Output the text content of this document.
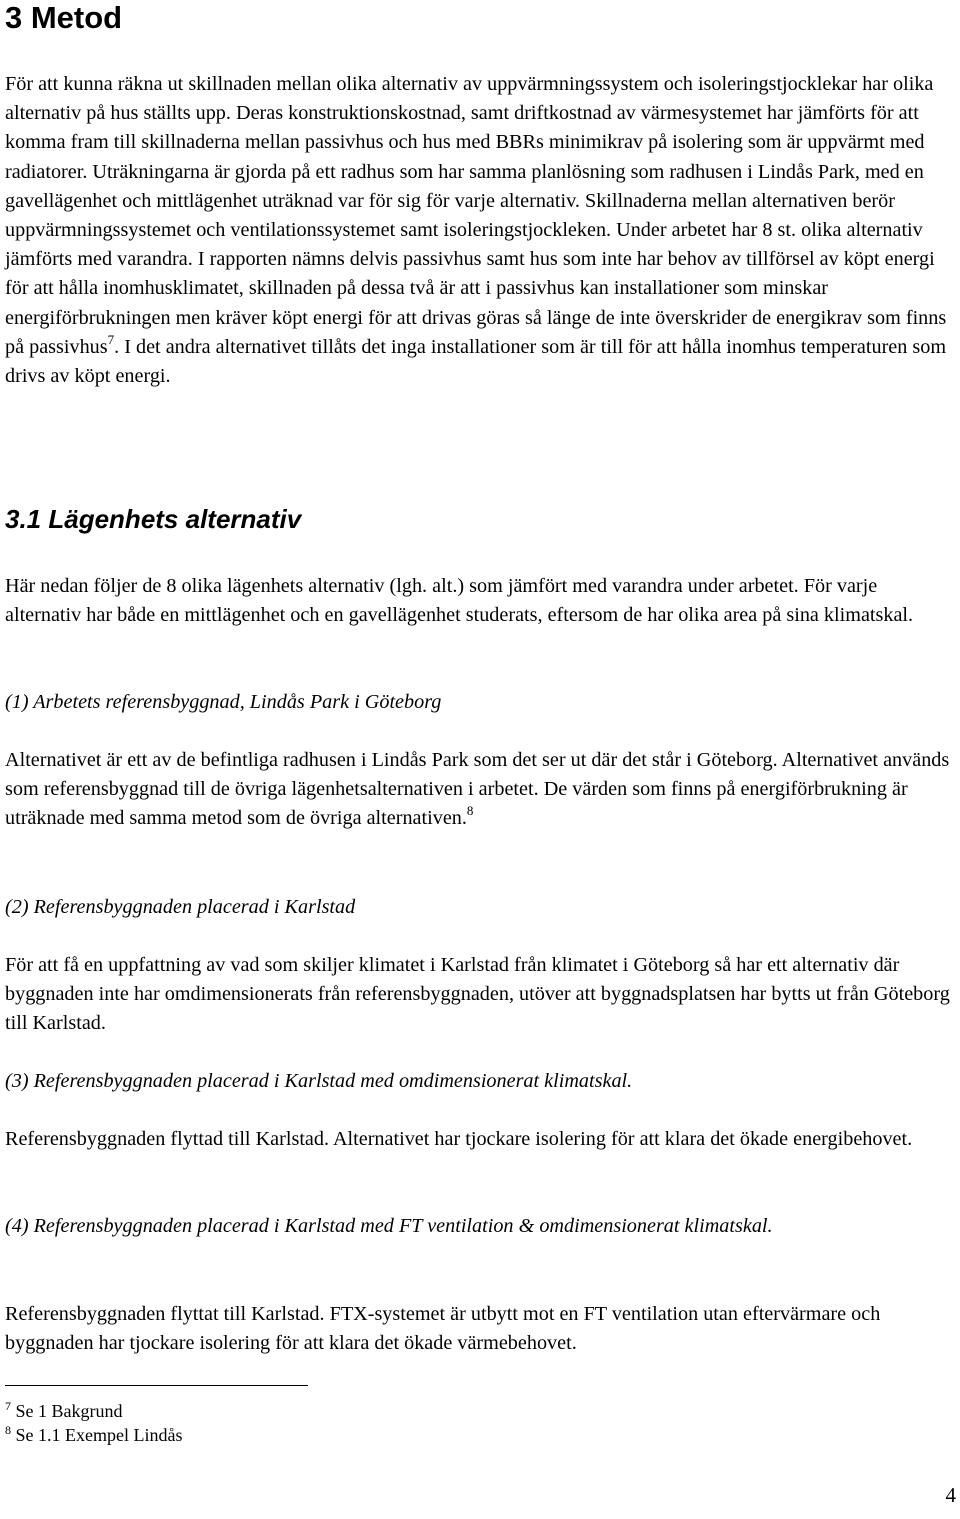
3 Metod

För att kunna räkna ut skillnaden mellan olika alternativ av uppvärmningssystem och isoleringstjocklekar har olika alternativ på hus ställts upp. Deras konstruktionskostnad, samt driftkostnad av värmesystemet har jämförts för att komma fram till skillnaderna mellan passivhus och hus med BBRs minimikrav på isolering som är uppvärmt med radiatorer. Uträkningarna är gjorda på ett radhus som har samma planlösning som radhusen i Lindås Park, med en gavellägenhet och mittlägenhet uträknad var för sig för varje alternativ. Skillnaderna mellan alternativen berör uppvärmningssystemet och ventilationssystemet samt isoleringstjockleken. Under arbetet har 8 st. olika alternativ jämförts med varandra. I rapporten nämns delvis passivhus samt hus som inte har behov av tillförsel av köpt energi för att hålla inomhusklimatet, skillnaden på dessa två är att i passivhus kan installationer som minskar energiförbrukningen men kräver köpt energi för att drivas göras så länge de inte överskrider de energikrav som finns på passivhus$^7$. I det andra alternativet tillåts det inga installationer som är till för att hålla inomhus temperaturen som drivs av köpt energi.

3.1 Lägenhets alternativ

Här nedan följer de 8 olika lägenhets alternativ (lgh. alt.) som jämfört med varandra under arbetet. För varje alternativ har både en mittlägenhet och en gavellägenhet studerats, eftersom de har olika area på sina klimatskal.

(1) Arbetets referensbyggnad, Lindås Park i Göteborg

Alternativet är ett av de befintliga radhusen i Lindås Park som det ser ut där det står i Göteborg. Alternativet används som referensbyggnad till de övriga lägenhetsalternativen i arbetet. De värden som finns på energiförbrukning är uträknade med samma metod som de övriga alternativen.$^8$

(2) Referensbyggnaden placerad i Karlstad

För att få en uppfattning av vad som skiljer klimatet i Karlstad från klimatet i Göteborg så har ett alternativ där byggnaden inte har omdimensionerats från referensbyggnaden, utöver att byggnadsplatsen har bytts ut från Göteborg till Karlstad.

(3) Referensbyggnaden placerad i Karlstad med omdimensionerat klimatskal.

Referensbyggnaden flyttad till Karlstad. Alternativet har tjockare isolering för att klara det ökade energibehovet.

(4) Referensbyggnaden placerad i Karlstad med FT ventilation & omdimensionerat klimatskal.

Referensbyggnaden flyttat till Karlstad. FTX-systemet är utbytt mot en FT ventilation utan eftervärmare och byggnaden har tjockare isolering för att klara det ökade värmebehovet.

$^7$ Se 1 Bakgrund
$^8$ Se 1.1 Exempel Lindås
4
